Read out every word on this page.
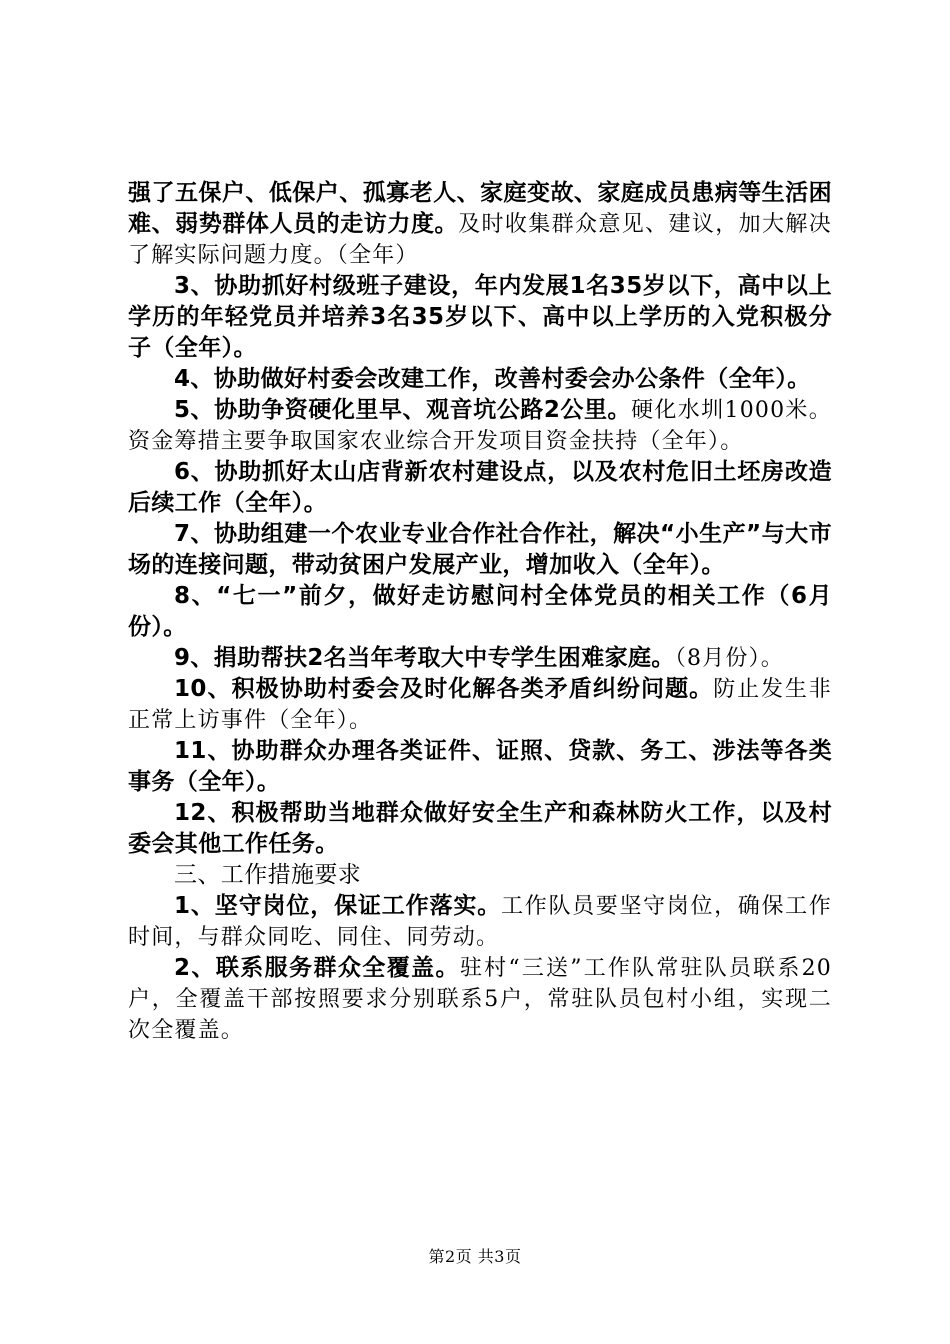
强了五保户、低保户、孤寡老人、家庭变故、家庭成员患病等生活困难、弱势群体人员的走访力度。及时收集群众意见、建议，加大解决了解实际问题力度。（全年）

3、协助抓好村级班子建设，年内发展1名35岁以下，高中以上学历的年轻党员并培养3名35岁以下、高中以上学历的入党积极分子（全年）。

4、协助做好村委会改建工作，改善村委会办公条件（全年）。

5、协助争资硬化里早、观音坑公路2公里。硬化水圳1000米。资金筹措主要争取国家农业综合开发项目资金扶持（全年）。

6、协助抓好太山店背新农村建设点，以及农村危旧土坯房改造后续工作（全年）。

7、协助组建一个农业专业合作社合作社，解决“小生产”与大市场的连接问题，带动贫困户发展产业，增加收入（全年）。

8、“七一”前夕，做好走访慰问村全体党员的相关工作（6月份）。

9、捐助帮扶2名当年考取大中专学生困难家庭。（8月份）。

10、积极协助村委会及时化解各类矛盾纠纷问题。防止发生非正常上访事件（全年）。

11、协助群众办理各类证件、证照、贷款、务工、涉法等各类事务（全年）。

12、积极帮助当地群众做好安全生产和森林防火工作，以及村委会其他工作任务。

三、工作措施要求

1、坚守岗位，保证工作落实。工作队员要坚守岗位，确保工作时间，与群众同吃、同住、同劳动。

2、联系服务群众全覆盖。驻村“三送”工作队常驻队员联系20户，全覆盖干部按照要求分别联系5户，常驻队员包村小组，实现二次全覆盖。

第2页 共3页
